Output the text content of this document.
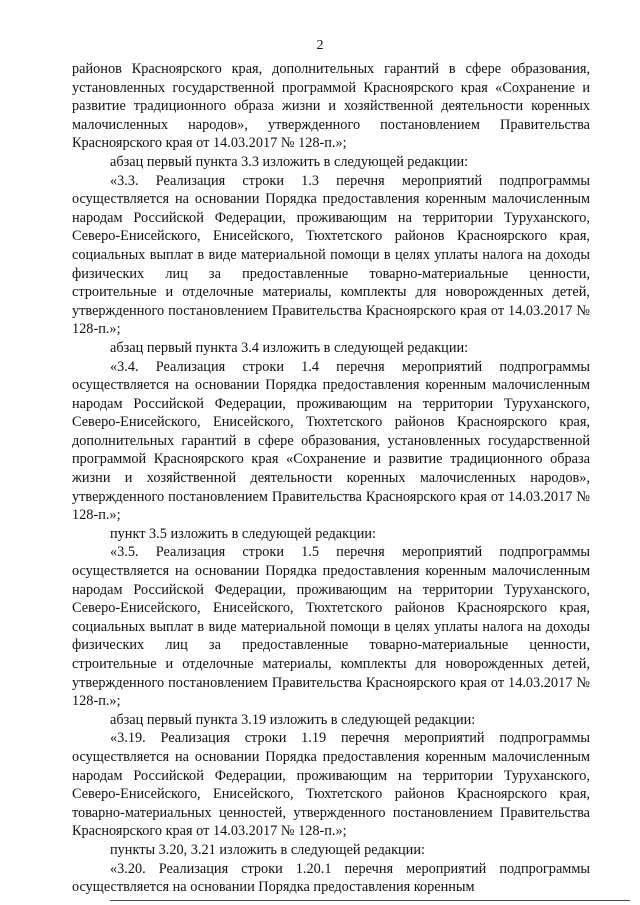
2

районов Красноярского края, дополнительных гарантий в сфере образования, установленных государственной программой Красноярского края «Сохранение и развитие традиционного образа жизни и хозяйственной деятельности коренных малочисленных народов», утвержденного постановлением Правительства Красноярского края от 14.03.2017 № 128-п.»;

абзац первый пункта 3.3 изложить в следующей редакции:

«3.3. Реализация строки 1.3 перечня мероприятий подпрограммы осуществляется на основании Порядка предоставления коренным малочисленным народам Российской Федерации, проживающим на территории Туруханского, Северо-Енисейского, Енисейского, Тюхтетского районов Красноярского края, социальных выплат в виде материальной помощи в целях уплаты налога на доходы физических лиц за предоставленные товарно-материальные ценности, строительные и отделочные материалы, комплекты для новорожденных детей, утвержденного постановлением Правительства Красноярского края от 14.03.2017 № 128-п.»;

абзац первый пункта 3.4 изложить в следующей редакции:

«3.4. Реализация строки 1.4 перечня мероприятий подпрограммы осуществляется на основании Порядка предоставления коренным малочисленным народам Российской Федерации, проживающим на территории Туруханского, Северо-Енисейского, Енисейского, Тюхтетского районов Красноярского края, дополнительных гарантий в сфере образования, установленных государственной программой Красноярского края «Сохранение и развитие традиционного образа жизни и хозяйственной деятельности коренных малочисленных народов», утвержденного постановлением Правительства Красноярского края от 14.03.2017 № 128-п.»;

пункт 3.5 изложить в следующей редакции:

«3.5. Реализация строки 1.5 перечня мероприятий подпрограммы осуществляется на основании Порядка предоставления коренным малочисленным народам Российской Федерации, проживающим на территории Туруханского, Северо-Енисейского, Енисейского, Тюхтетского районов Красноярского края, социальных выплат в виде материальной помощи в целях уплаты налога на доходы физических лиц за предоставленные товарно-материальные ценности, строительные и отделочные материалы, комплекты для новорожденных детей, утвержденного постановлением Правительства Красноярского края от 14.03.2017 № 128-п.»;

абзац первый пункта 3.19 изложить в следующей редакции:

«3.19. Реализация строки 1.19 перечня мероприятий подпрограммы осуществляется на основании Порядка предоставления коренным малочисленным народам Российской Федерации, проживающим на территории Туруханского, Северо-Енисейского, Енисейского, Тюхтетского районов Красноярского края, товарно-материальных ценностей, утвержденного постановлением Правительства Красноярского края от 14.03.2017 № 128-п.»;

пункты 3.20, 3.21 изложить в следующей редакции:

«3.20. Реализация строки 1.20.1 перечня мероприятий подпрограммы осуществляется на основании Порядка предоставления коренным
